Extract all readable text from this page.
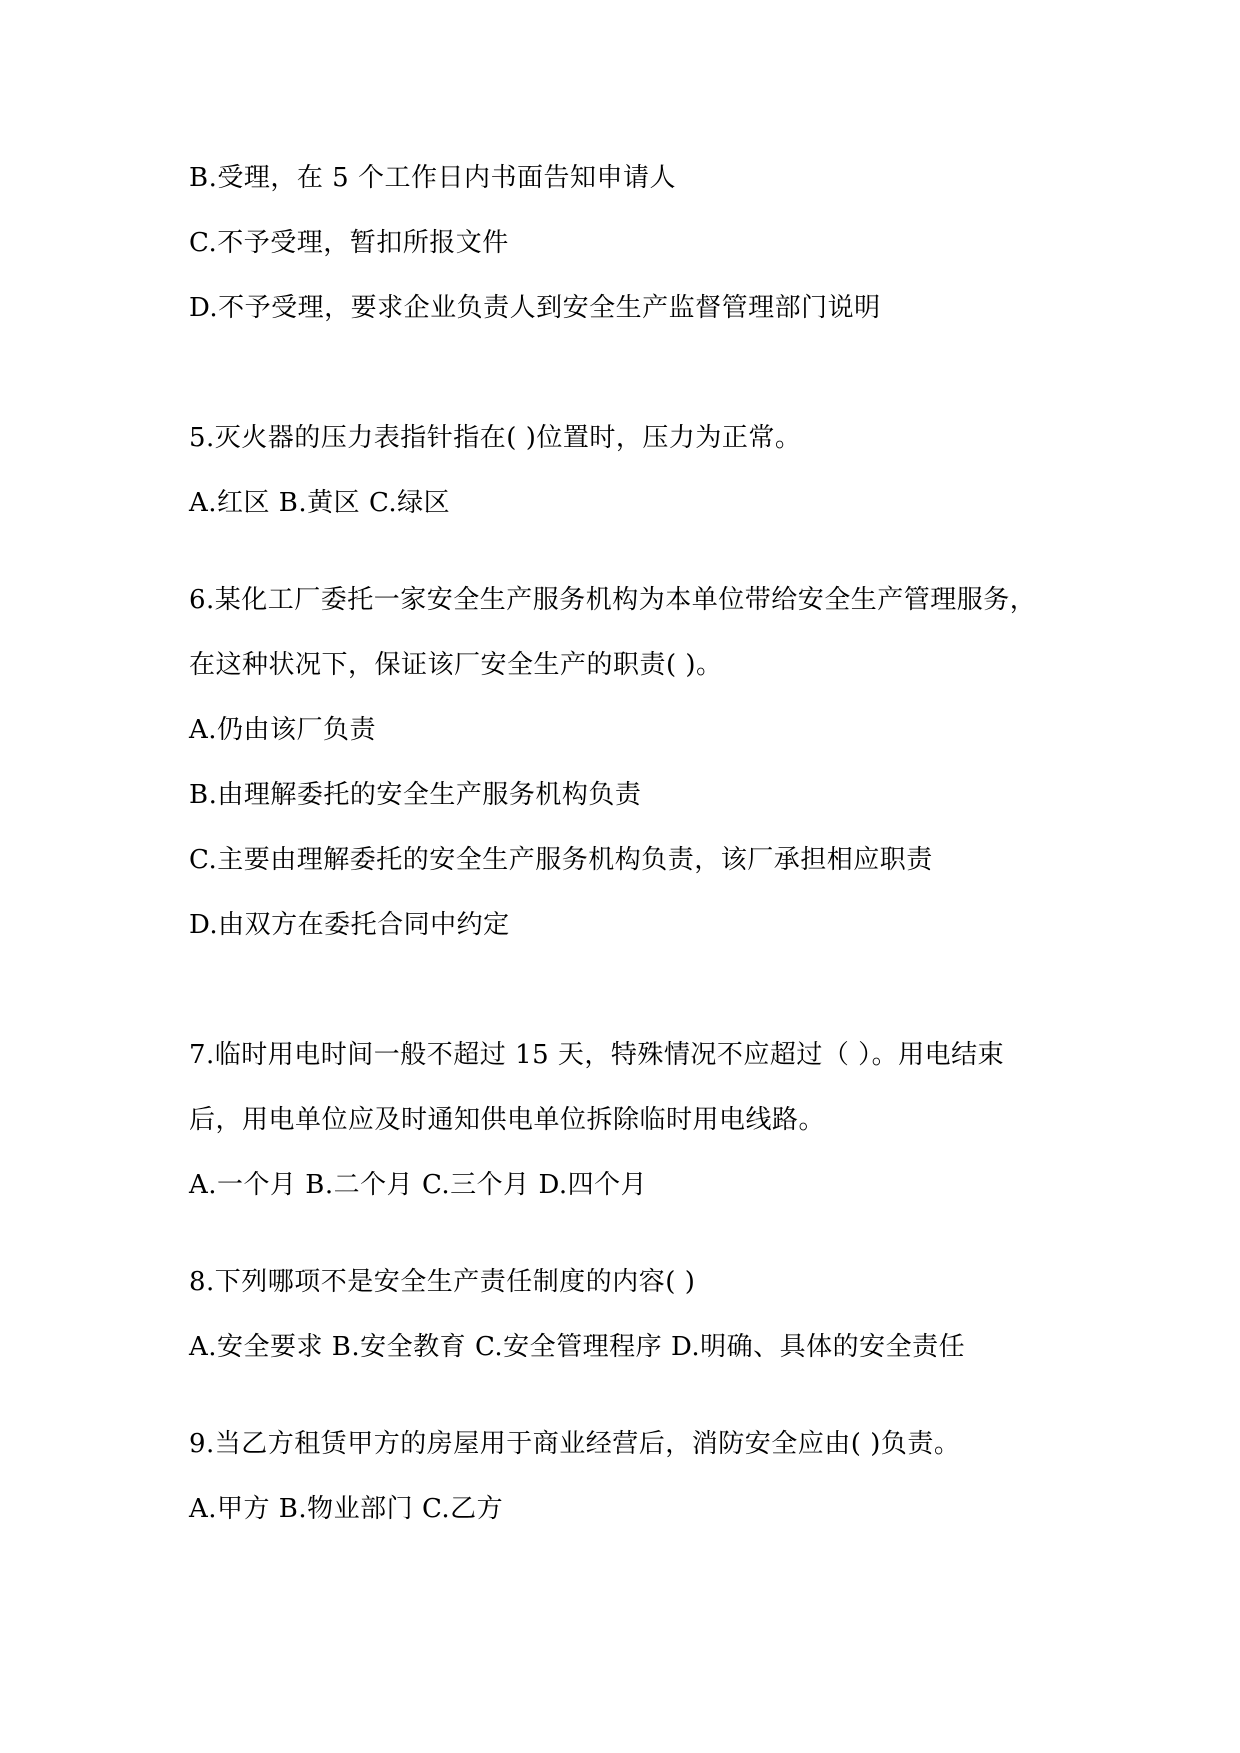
B.受理，在 5 个工作日内书面告知申请人

C.不予受理，暂扣所报文件

D.不予受理，要求企业负责人到安全生产监督管理部门说明

5.灭火器的压力表指针指在( )位置时，压力为正常。

A.红区 B.黄区 C.绿区

6.某化工厂委托一家安全生产服务机构为本单位带给安全生产管理服务，

在这种状况下，保证该厂安全生产的职责( )。

A.仍由该厂负责

B.由理解委托的安全生产服务机构负责

C.主要由理解委托的安全生产服务机构负责，该厂承担相应职责

D.由双方在委托合同中约定

7.临时用电时间一般不超过 15 天，特殊情况不应超过（ ）。用电结束

后，用电单位应及时通知供电单位拆除临时用电线路。

A.一个月 B.二个月 C.三个月 D.四个月

8.下列哪项不是安全生产责任制度的内容( )

A.安全要求 B.安全教育 C.安全管理程序 D.明确、具体的安全责任

9.当乙方租赁甲方的房屋用于商业经营后，消防安全应由( )负责。

A.甲方 B.物业部门 C.乙方
